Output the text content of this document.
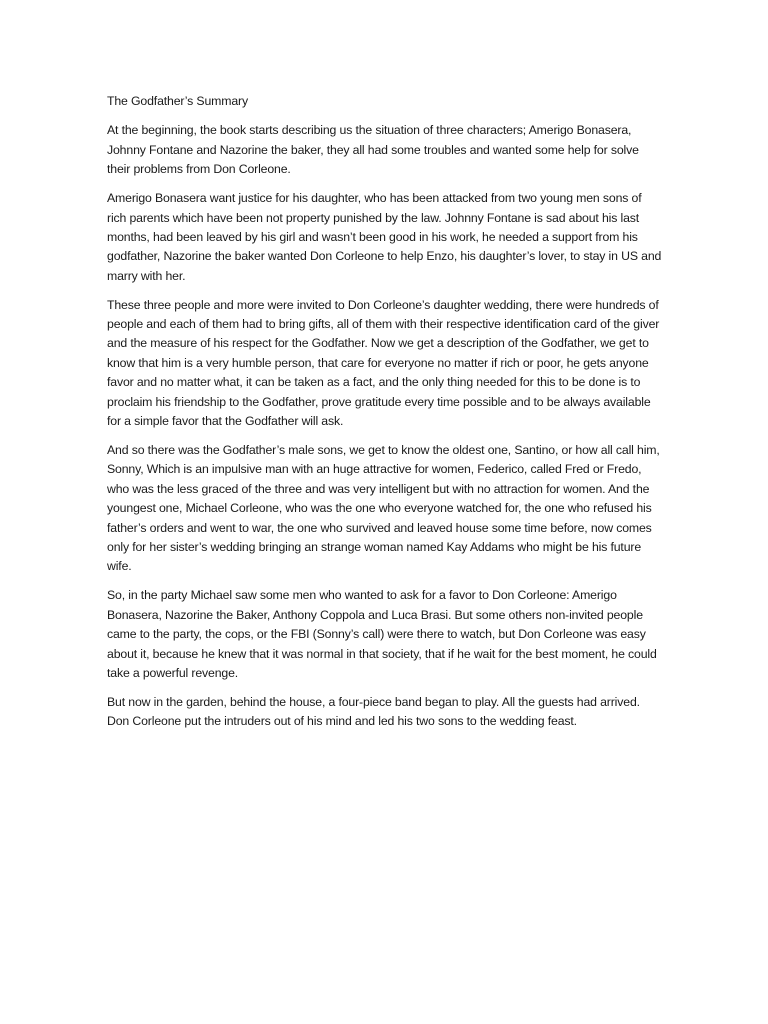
The Godfather’s Summary

At the beginning, the book starts describing us the situation of three characters; Amerigo Bonasera, Johnny Fontane and Nazorine the baker, they all had some troubles and wanted some help for solve their problems from Don Corleone.

Amerigo Bonasera want justice for his daughter, who has been attacked from two young men sons of rich parents which have been not property punished by the law. Johnny Fontane is sad about his last months, had been leaved by his girl and wasn’t been good in his work, he needed a support from his godfather, Nazorine the baker wanted Don Corleone to help Enzo, his daughter’s lover, to stay in US and marry with her.

These three people and more were invited to Don Corleone’s daughter wedding, there were hundreds of people and each of them had to bring gifts, all of them with their respective identification card of the giver and the measure of his respect for the Godfather. Now we get a description of the Godfather, we get to know that him is a very humble person, that care for everyone no matter if rich or poor, he gets anyone favor and no matter what, it can be taken as a fact, and the only thing needed for this to be done is to proclaim his friendship to the Godfather, prove gratitude every time possible and to be always available for a simple favor that the Godfather will ask.

And so there was the Godfather’s male sons, we get to know the oldest one, Santino, or how all call him, Sonny, Which is an impulsive man with an huge attractive for women, Federico, called Fred or Fredo, who was the less graced of the three and was very intelligent but with no attraction for women. And the youngest one, Michael Corleone, who was the one who everyone watched for, the one who refused his father’s orders and went to war, the one who survived and leaved house some time before, now comes only for her sister’s wedding bringing an strange woman named Kay Addams who might be his future wife.

So, in the party Michael saw some men who wanted to ask for a favor to Don Corleone: Amerigo Bonasera, Nazorine the Baker, Anthony Coppola and Luca Brasi. But some others non-invited people came to the party, the cops, or the FBI (Sonny’s call) were there to watch, but Don Corleone was easy about it, because he knew that it was normal in that society, that if he wait for the best moment, he could take a powerful revenge.

But now in the garden, behind the house, a four-piece band began to play. All the guests had arrived. Don Corleone put the intruders out of his mind and led his two sons to the wedding feast.
